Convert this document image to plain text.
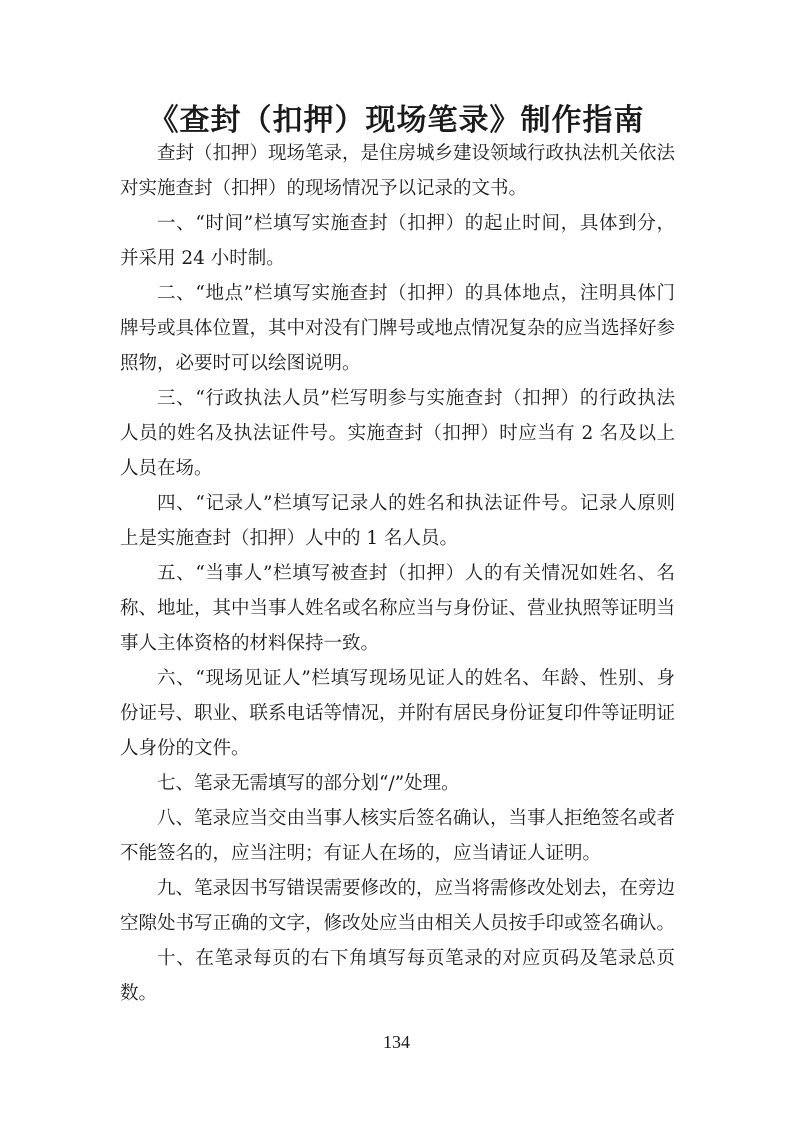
《查封（扣押）现场笔录》制作指南

查封（扣押）现场笔录，是住房城乡建设领域行政执法机关依法对实施查封（扣押）的现场情况予以记录的文书。

一、“时间”栏填写实施查封（扣押）的起止时间，具体到分，并采用 24 小时制。

二、“地点”栏填写实施查封（扣押）的具体地点，注明具体门牌号或具体位置，其中对没有门牌号或地点情况复杂的应当选择好参照物，必要时可以绘图说明。

三、“行政执法人员”栏写明参与实施查封（扣押）的行政执法人员的姓名及执法证件号。实施查封（扣押）时应当有 2 名及以上人员在场。

四、“记录人”栏填写记录人的姓名和执法证件号。记录人原则上是实施查封（扣押）人中的 1 名人员。

五、“当事人”栏填写被查封（扣押）人的有关情况如姓名、名称、地址，其中当事人姓名或名称应当与身份证、营业执照等证明当事人主体资格的材料保持一致。

六、“现场见证人”栏填写现场见证人的姓名、年龄、性别、身份证号、职业、联系电话等情况，并附有居民身份证复印件等证明证人身份的文件。

七、笔录无需填写的部分划“/”处理。

八、笔录应当交由当事人核实后签名确认，当事人拒绝签名或者不能签名的，应当注明；有证人在场的，应当请证人证明。

九、笔录因书写错误需要修改的，应当将需修改处划去，在旁边空隙处书写正确的文字，修改处应当由相关人员按手印或签名确认。

十、在笔录每页的右下角填写每页笔录的对应页码及笔录总页数。

134
